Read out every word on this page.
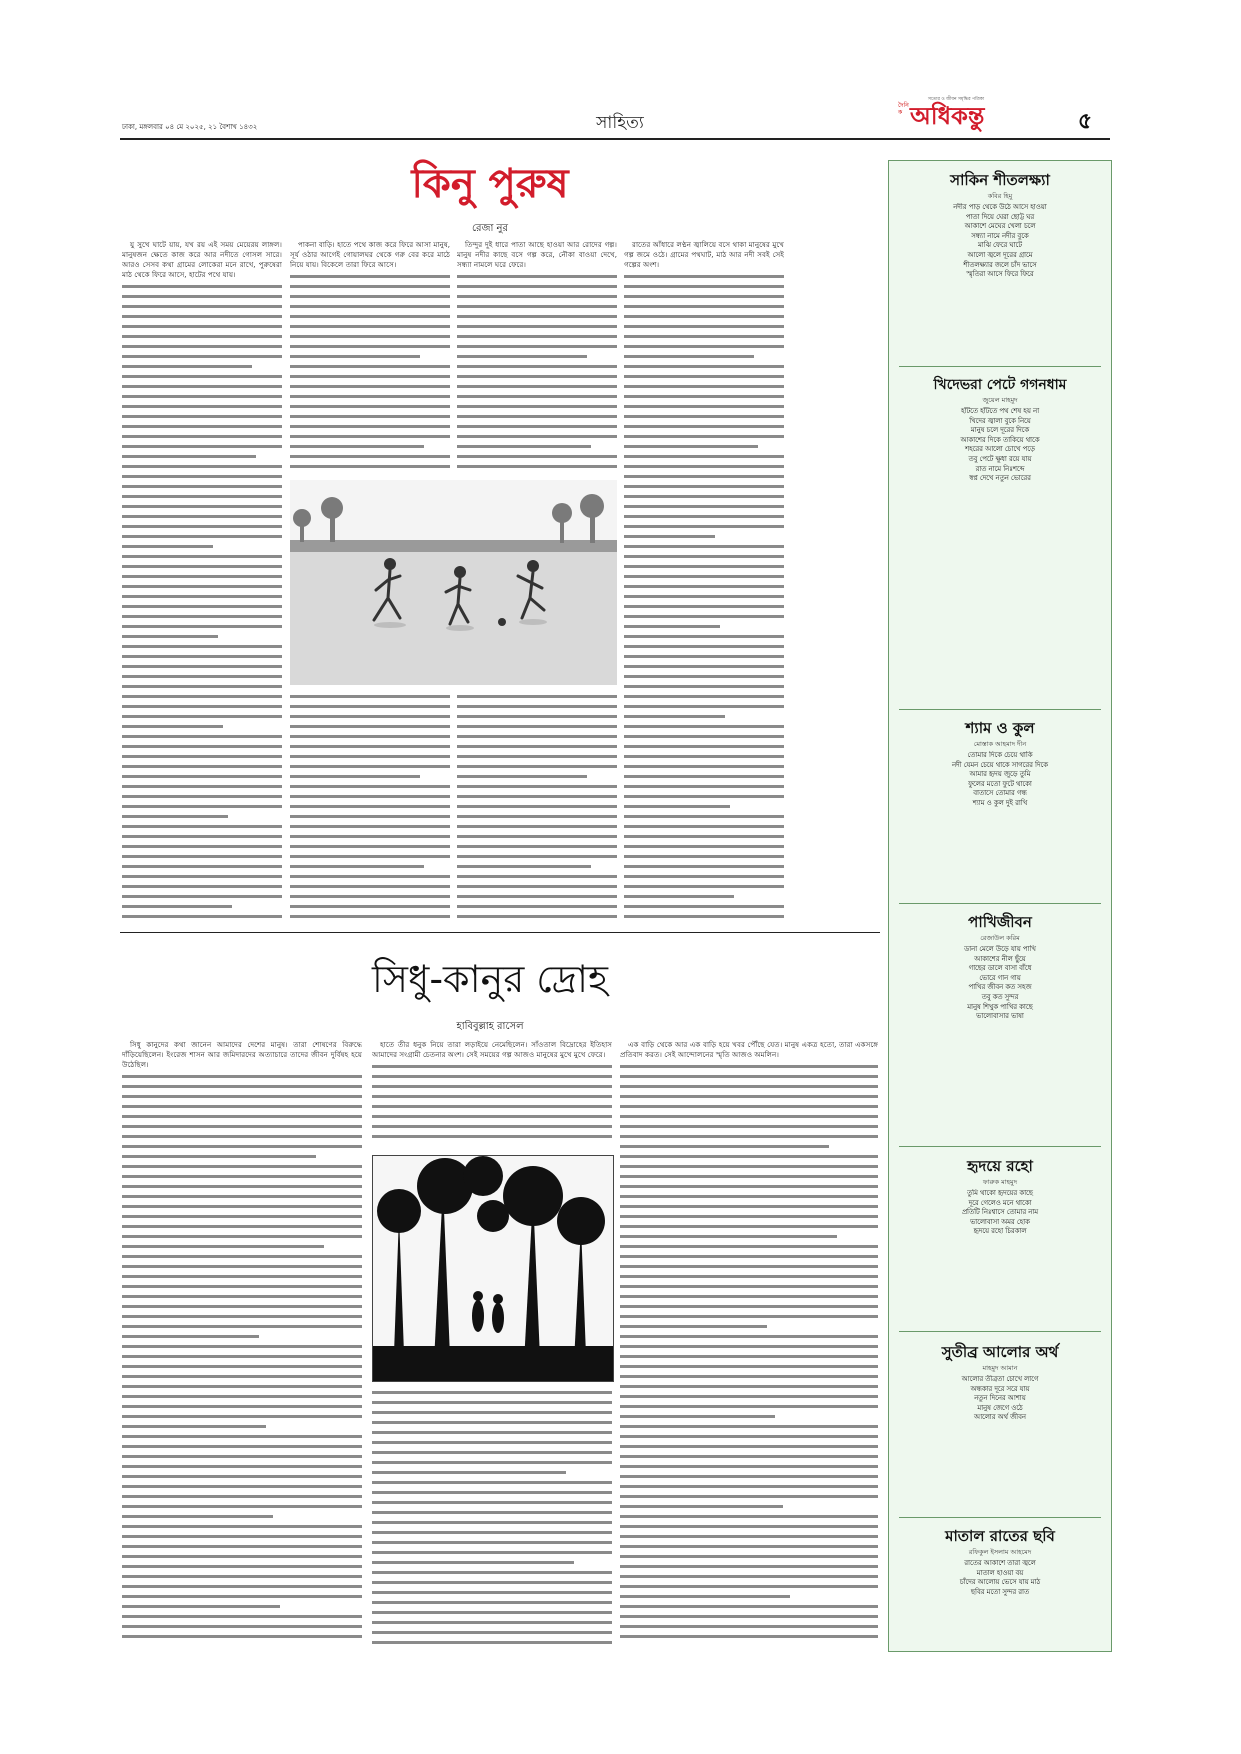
ঢাকা, মঙ্গলবার ০৪ মে ২০২৫, ২১ বৈশাখ ১৪৩২	সাহিত্য
দৈনিক অধিকন্তু
সত্যের ও জীবন সমৃদ্ধির পত্রিকা
৫
কিনু পুরুষ
রেজা নুর

যু সুখে ঘাটে য়ায়, যখ রয় এই সময় মেয়েরয় লাঙ্গল। মানুষজন ক্ষেতে কাজ করে আর নদীতে গোসল সারে। আরও সেসব কথা গ্রামের লোকেরা মনে রাখে, পুরুষেরা মাঠ থেকে ফিরে আসে, হাটের পথে যায়।

পাকনা বাড়ি। হাতে পথে কাজ করে ফিরে আসা মানুষ, সূর্য ওঠার আগেই গোয়ালঘর থেকে গরু বের করে মাঠে নিয়ে যায়। বিকেলে তারা ফিরে আসে।

তিন্দুর দুই ধারে পাতা আছে হাওয়া আর রোদের গল্প। মানুষ নদীর কাছে বসে গল্প করে, নৌকা বাওয়া দেখে, সন্ধ্যা নামলে ঘরে ফেরে।

রাতের আঁধারে লণ্ঠন জ্বালিয়ে বসে থাকা মানুষের মুখে গল্প জমে ওঠে। গ্রামের পথঘাট, মাঠ আর নদী সবই সেই গল্পের অংশ।

সিধু-কানুর দ্রোহ
হাবিবুল্লাহ রাসেল

সিধু কানুদের কথা জানেন আমাদের দেশের মানুষ। তারা শোষণের বিরুদ্ধে দাঁড়িয়েছিলেন। ইংরেজ শাসন আর জমিদারদের অত্যাচারে তাদের জীবন দুর্বিষহ হয়ে উঠেছিল।

হাতে তীর ধনুক নিয়ে তারা লড়াইয়ে নেমেছিলেন। সাঁওতাল বিদ্রোহের ইতিহাস আমাদের সংগ্রামী চেতনার অংশ। সেই সময়ের গল্প আজও মানুষের মুখে মুখে ফেরে।

এক বাড়ি থেকে আর এক বাড়ি হয়ে খবর পৌঁছে যেত। মানুষ একত্র হতো, তারা একসঙ্গে প্রতিবাদ করত। সেই আন্দোলনের স্মৃতি আজও অমলিন।

সাকিন শীতলক্ষ্যা
কবির হিমু
নদীর পাড় থেকে উঠে আসে হাওয়া
পাতা দিয়ে ঘেরা ছোট্ট ঘর
আকাশে মেঘের খেলা চলে
সন্ধ্যা নামে নদীর বুকে
মাঝি ফেরে ঘাটে
আলো জ্বলে দূরের গ্রামে
শীতলক্ষ্যার জলে চাঁদ ভাসে
স্মৃতিরা আসে ফিরে ফিরে
খিদেভরা পেটে গগনধাম
জুয়েল মাহমুদ
হাঁটতে হাঁটতে পথ শেষ হয় না
খিদের জ্বালা বুকে নিয়ে
মানুষ চলে দূরের দিকে
আকাশের দিকে তাকিয়ে থাকে
শহরের আলো চোখে পড়ে
তবু পেটে ক্ষুধা রয়ে যায়
রাত নামে নিঃশব্দে
স্বপ্ন দেখে নতুন ভোরের
শ্যাম ও কুল
মোস্তাক আহমাদ দীন
তোমার দিকে চেয়ে থাকি
নদী যেমন চেয়ে থাকে সাগরের দিকে
আমার হৃদয় জুড়ে তুমি
ফুলের মতো ফুটে থাকো
বাতাসে তোমার গন্ধ
শ্যাম ও কুল দুই রাখি
পাখিজীবন
রেজাউল করিম
ডানা মেলে উড়ে যায় পাখি
আকাশের নীল ছুঁয়ে
গাছের ডালে বাসা বাঁধে
ভোরে গান গায়
পাখির জীবন কত সহজ
তবু কত সুন্দর
মানুষ শিখুক পাখির কাছে
ভালোবাসার ভাষা
হৃদয়ে রহো
ফারুক মাহমুদ
তুমি থাকো হৃদয়ের কাছে
দূরে গেলেও মনে থাকো
প্রতিটি নিঃশ্বাসে তোমার নাম
ভালোবাসা অমর হোক
হৃদয়ে রহো চিরকাল
সুতীব্র আলোর অর্থ
মাহমুদ আমান
আলোর তীব্রতা চোখে লাগে
অন্ধকার দূরে সরে যায়
নতুন দিনের আশায়
মানুষ জেগে ওঠে
আলোর অর্থ জীবন
মাতাল রাতের ছবি
রফিকুল ইসলাম আহমেদ
রাতের আকাশে তারা জ্বলে
মাতাল হাওয়া বয়
চাঁদের আলোয় ভেসে যায় মাঠ
ছবির মতো সুন্দর রাত
